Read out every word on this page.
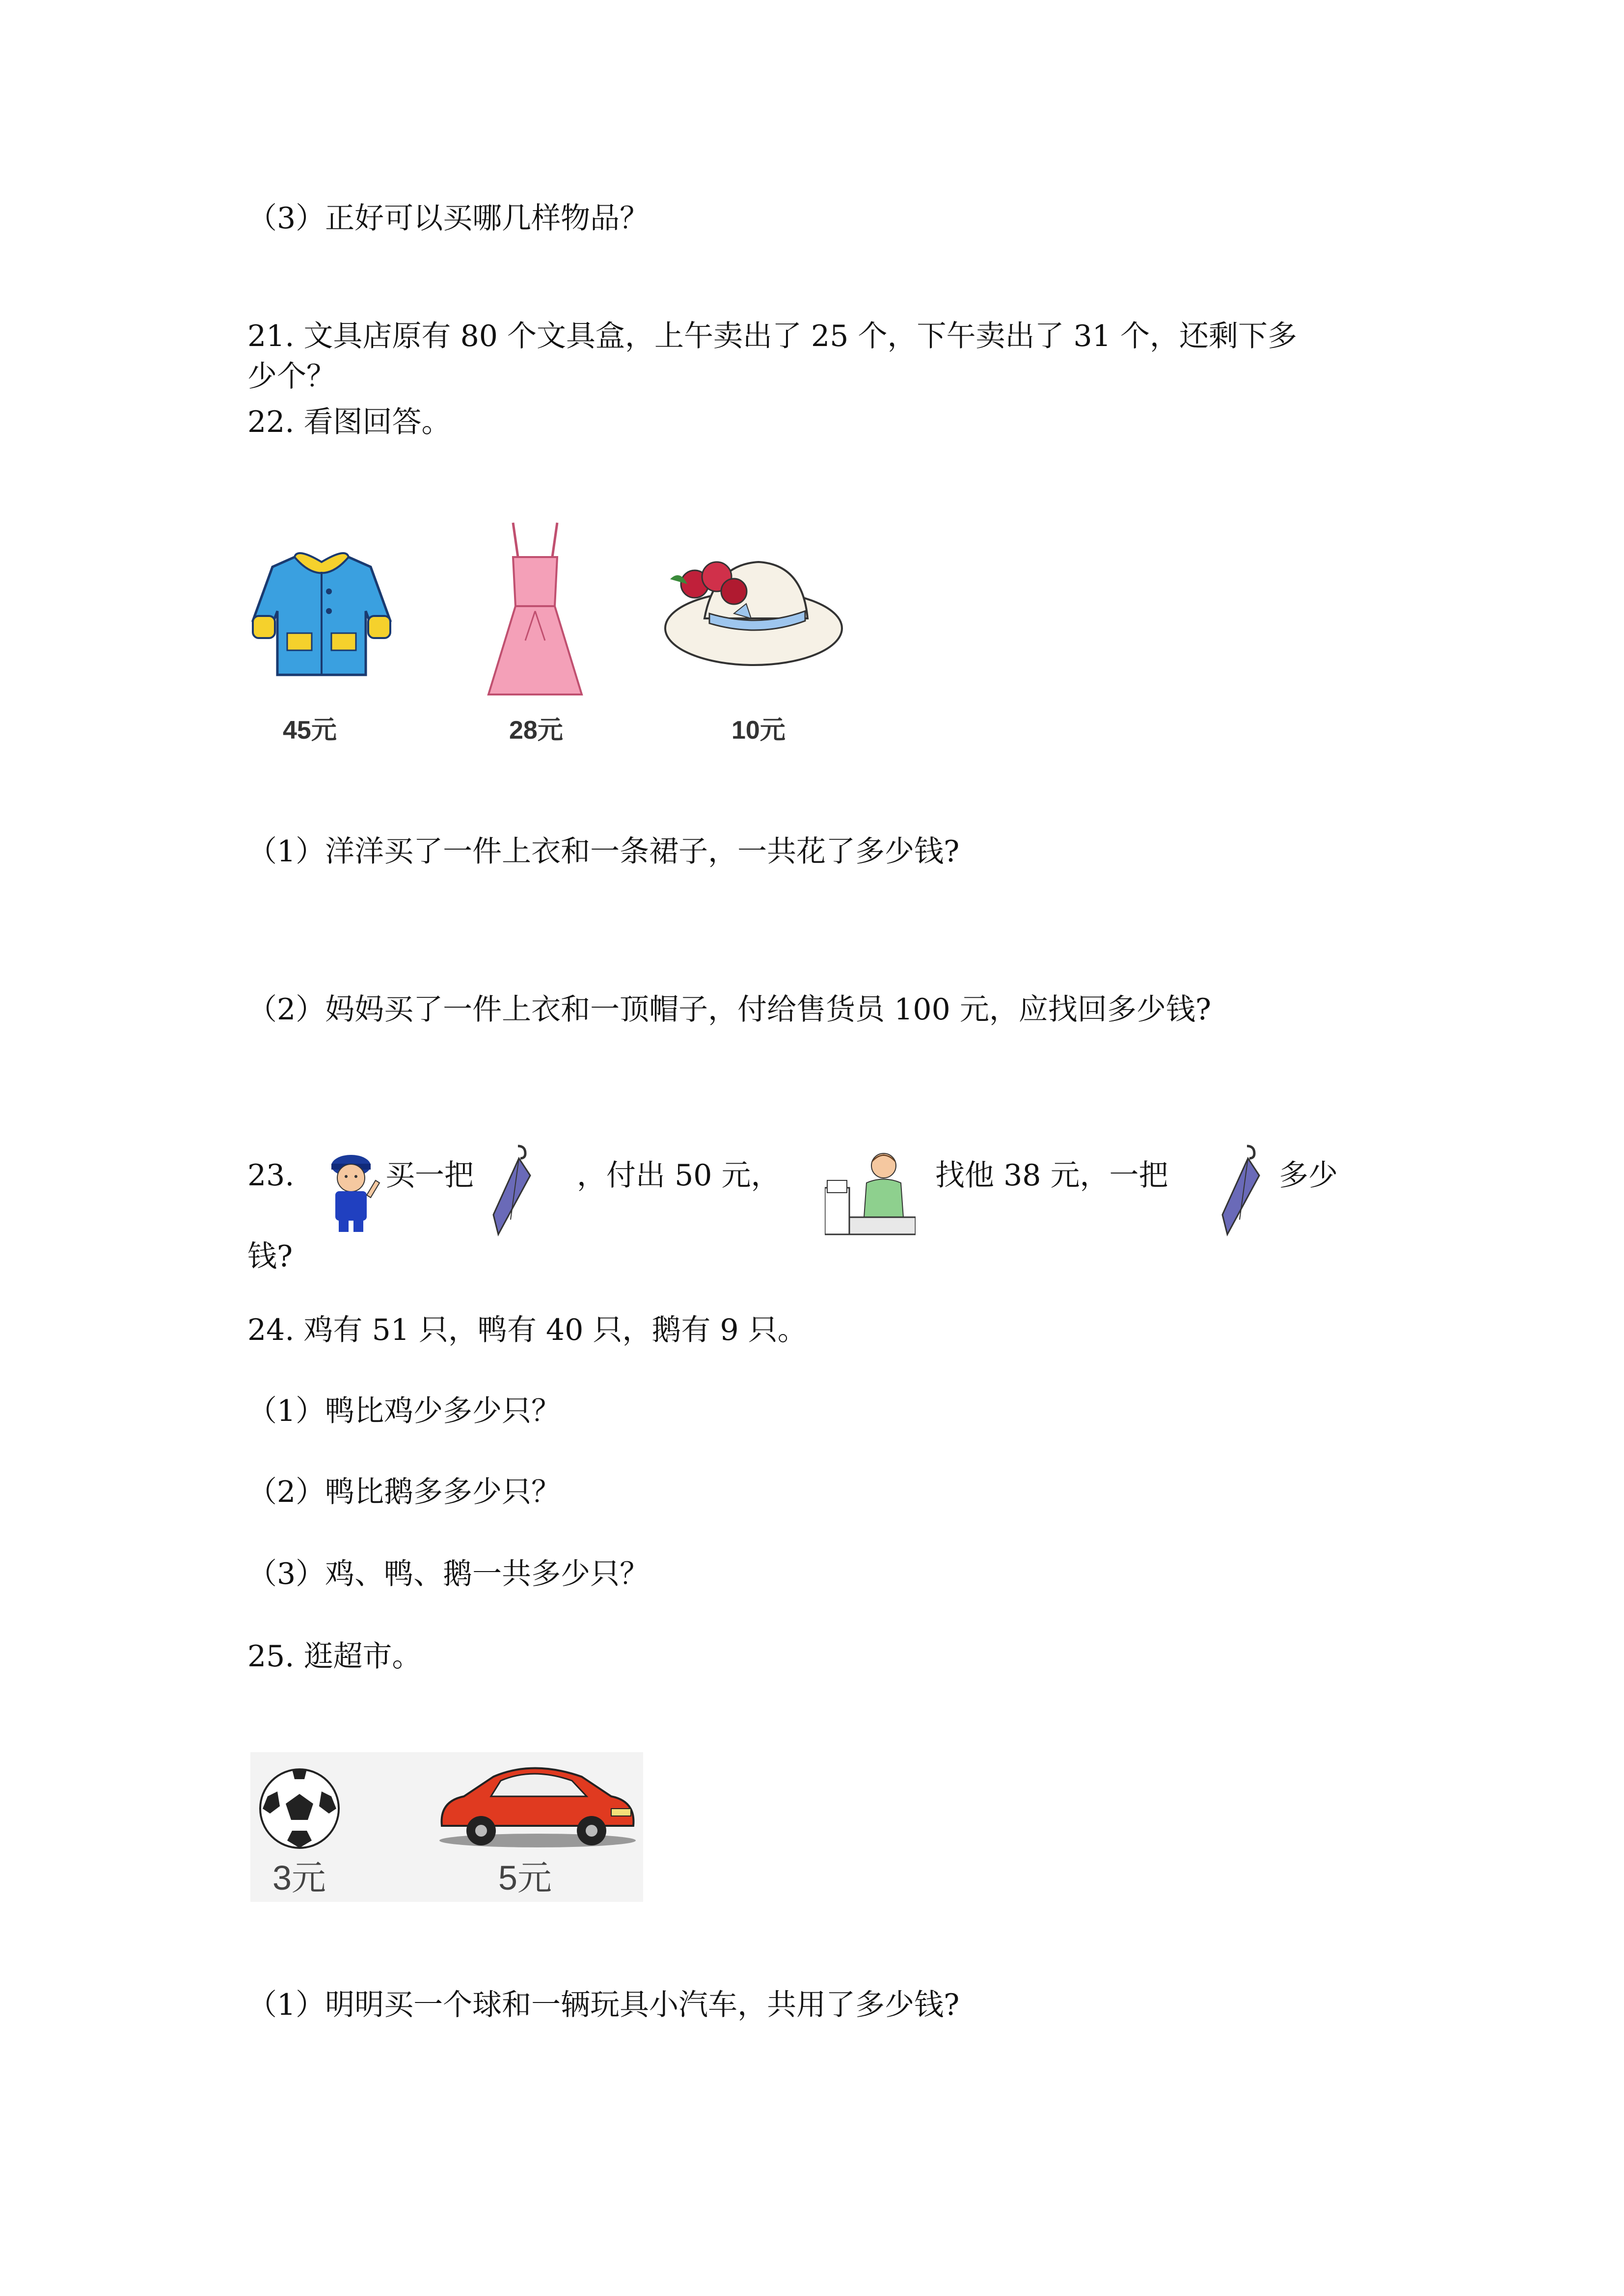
（3）正好可以买哪几样物品？
21. 文具店原有 80 个文具盒，上午卖出了 25 个，下午卖出了 31 个，还剩下多
少个？
22. 看图回答。
45元	28元	10元
（1）洋洋买了一件上衣和一条裙子，一共花了多少钱?
（2）妈妈买了一件上衣和一顶帽子，付给售货员 100 元，应找回多少钱?
23.	买一把	，付出 50 元，	找他 38 元，一把	多少
钱?
24. 鸡有 51 只，鸭有 40 只，鹅有 9 只。
（1）鸭比鸡少多少只？
（2）鸭比鹅多多少只？
（3）鸡、鸭、鹅一共多少只？
25. 逛超市。
3元	5元
（1）明明买一个球和一辆玩具小汽车，共用了多少钱?
